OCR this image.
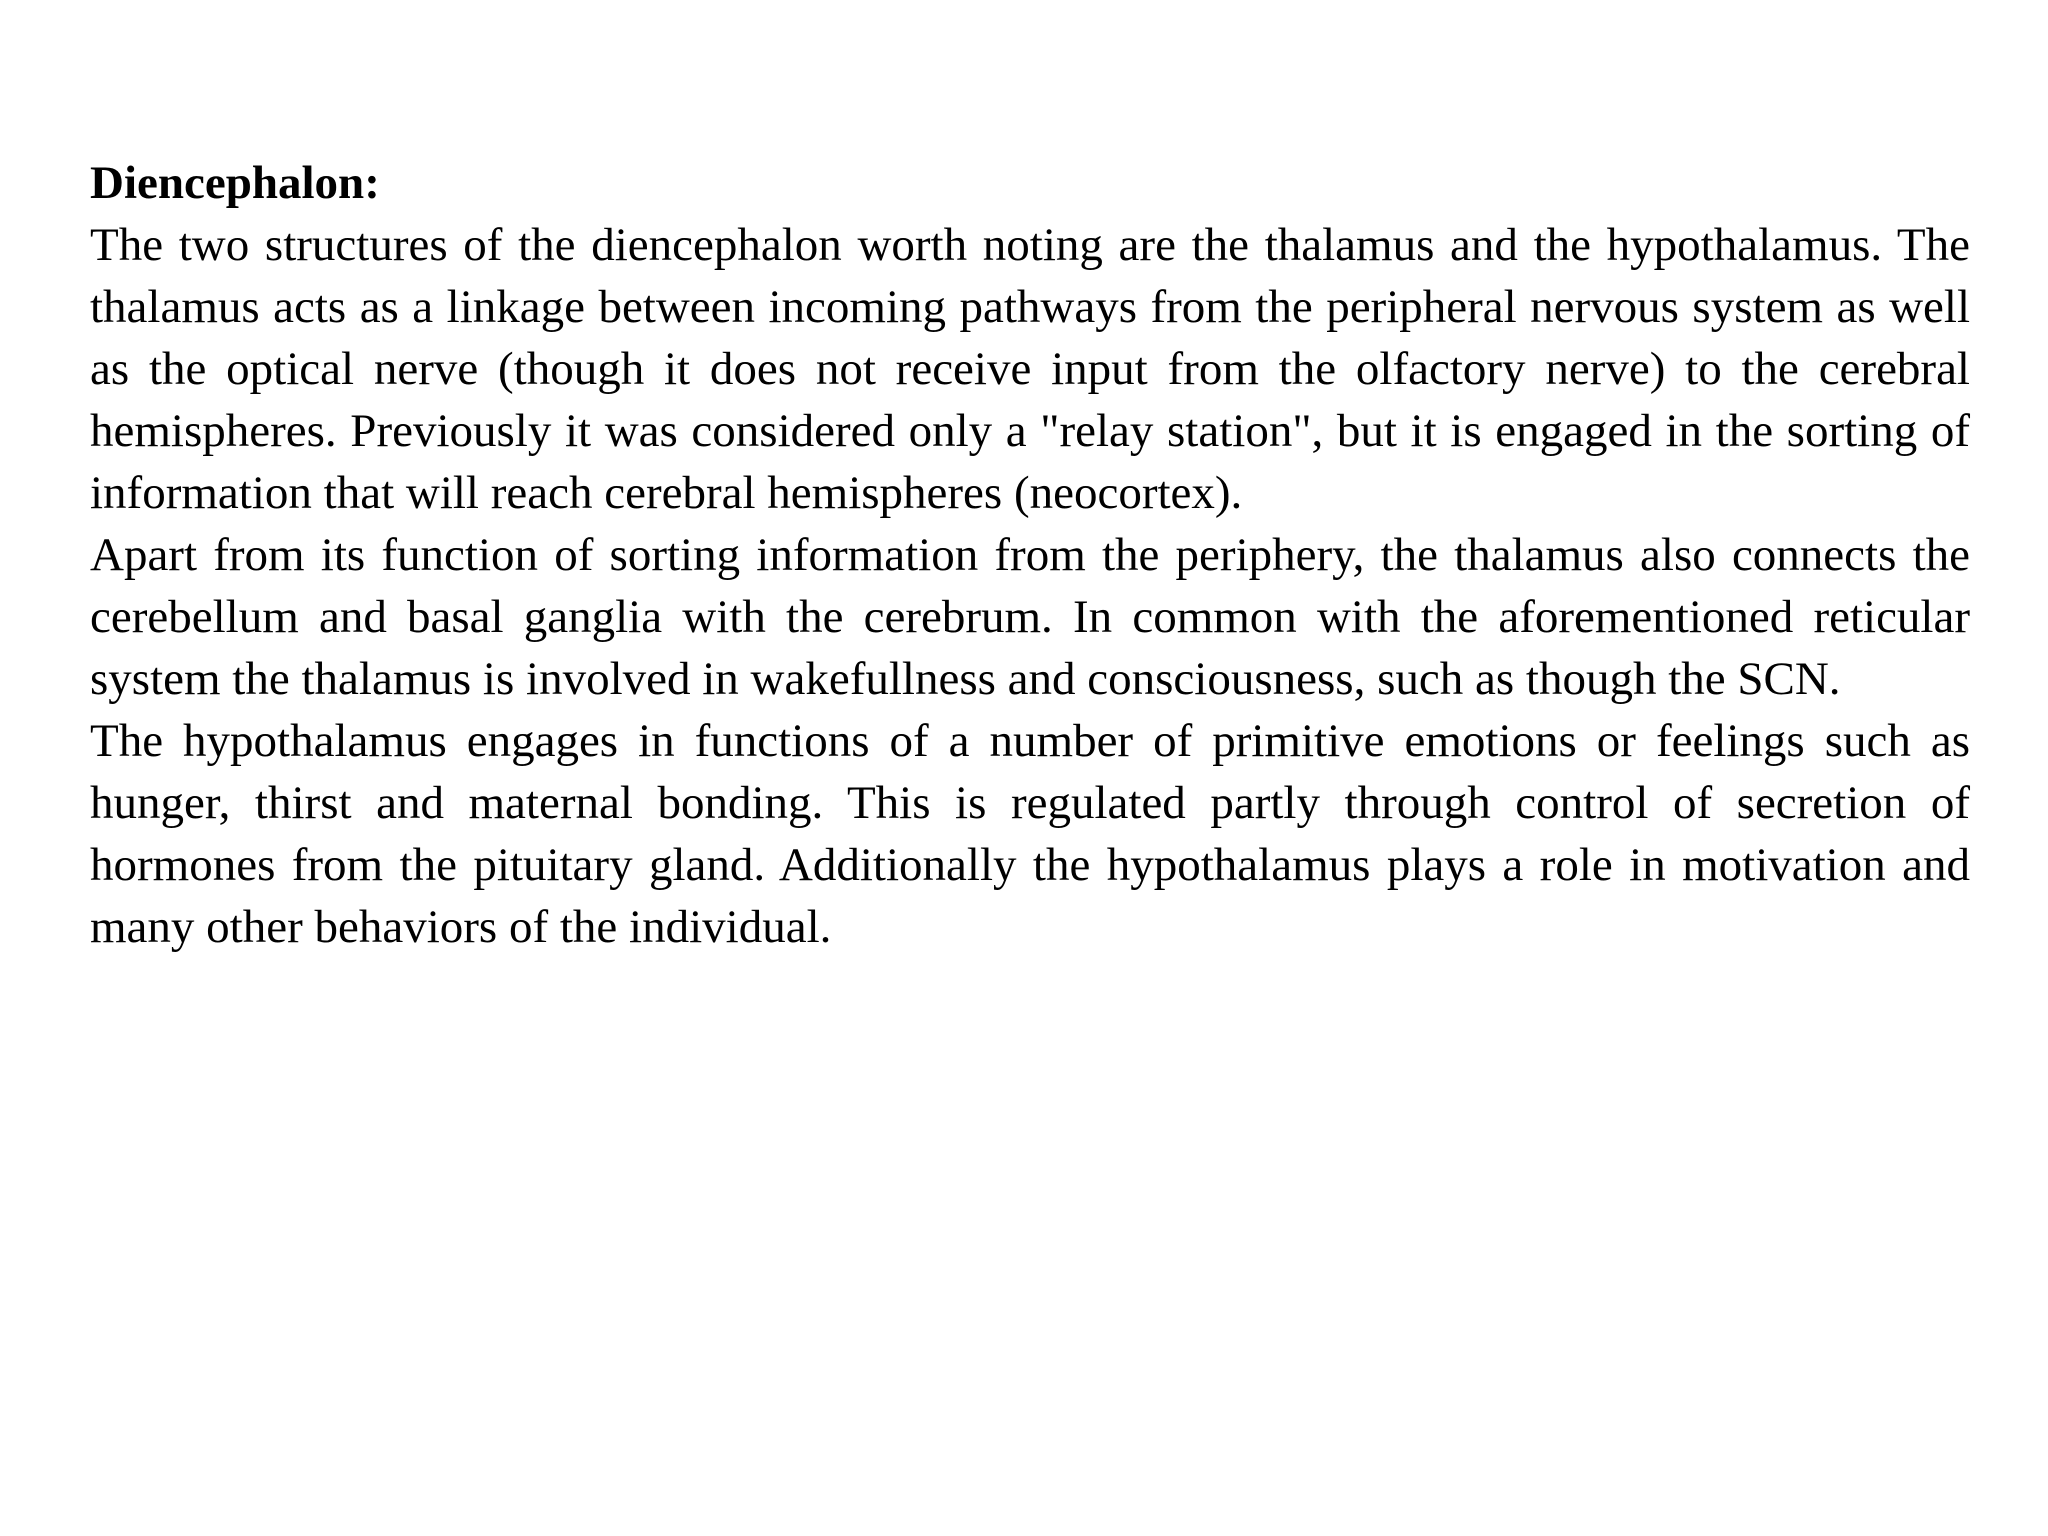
Diencephalon:

The two structures of the diencephalon worth noting are the thalamus and the hypothalamus. The thalamus acts as a linkage between incoming pathways from the peripheral nervous system as well as the optical nerve (though it does not receive input from the olfactory nerve) to the cerebral hemispheres. Previously it was considered only a "relay station", but it is engaged in the sorting of information that will reach cerebral hemispheres (neocortex).

Apart from its function of sorting information from the periphery, the thalamus also connects the cerebellum and basal ganglia with the cerebrum. In common with the aforementioned reticular system the thalamus is involved in wakefullness and consciousness, such as though the SCN.

The hypothalamus engages in functions of a number of primitive emotions or feelings such as hunger, thirst and maternal bonding. This is regulated partly through control of secretion of hormones from the pituitary gland. Additionally the hypothalamus plays a role in motivation and many other behaviors of the individual.
